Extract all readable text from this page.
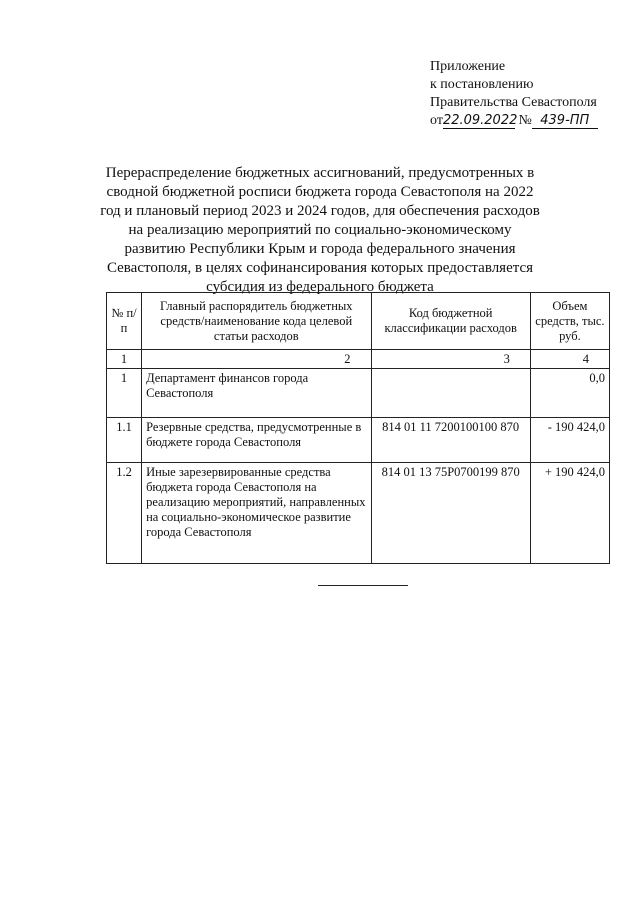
Приложение
к постановлению
Правительства Севастополя
от22.09.2022 № 439-ПП
Перераспределение бюджетных ассигнований, предусмотренных в сводной бюджетной росписи бюджета города Севастополя на 2022 год и плановый период 2023 и 2024 годов, для обеспечения расходов на реализацию мероприятий по социально-экономическому развитию Республики Крым и города федерального значения Севастополя, в целях софинансирования которых предоставляется субсидия из федерального бюджета
№ п/п	Главный распорядитель бюджетных средств/наименование кода целевой статьи расходов	Код бюджетной классификации расходов	Объем средств, тыс. руб.
1	2	3	4
1	Департамент финансов города Севастополя		0,0
1.1	Резервные средства, предусмотренные в бюджете города Севастополя	814 01 11 7200100100 870	- 190 424,0
1.2	Иные зарезервированные средства бюджета города Севастополя на реализацию мероприятий, направленных на социально-экономическое развитие города Севастополя	814 01 13 75Р0700199 870	+ 190 424,0
